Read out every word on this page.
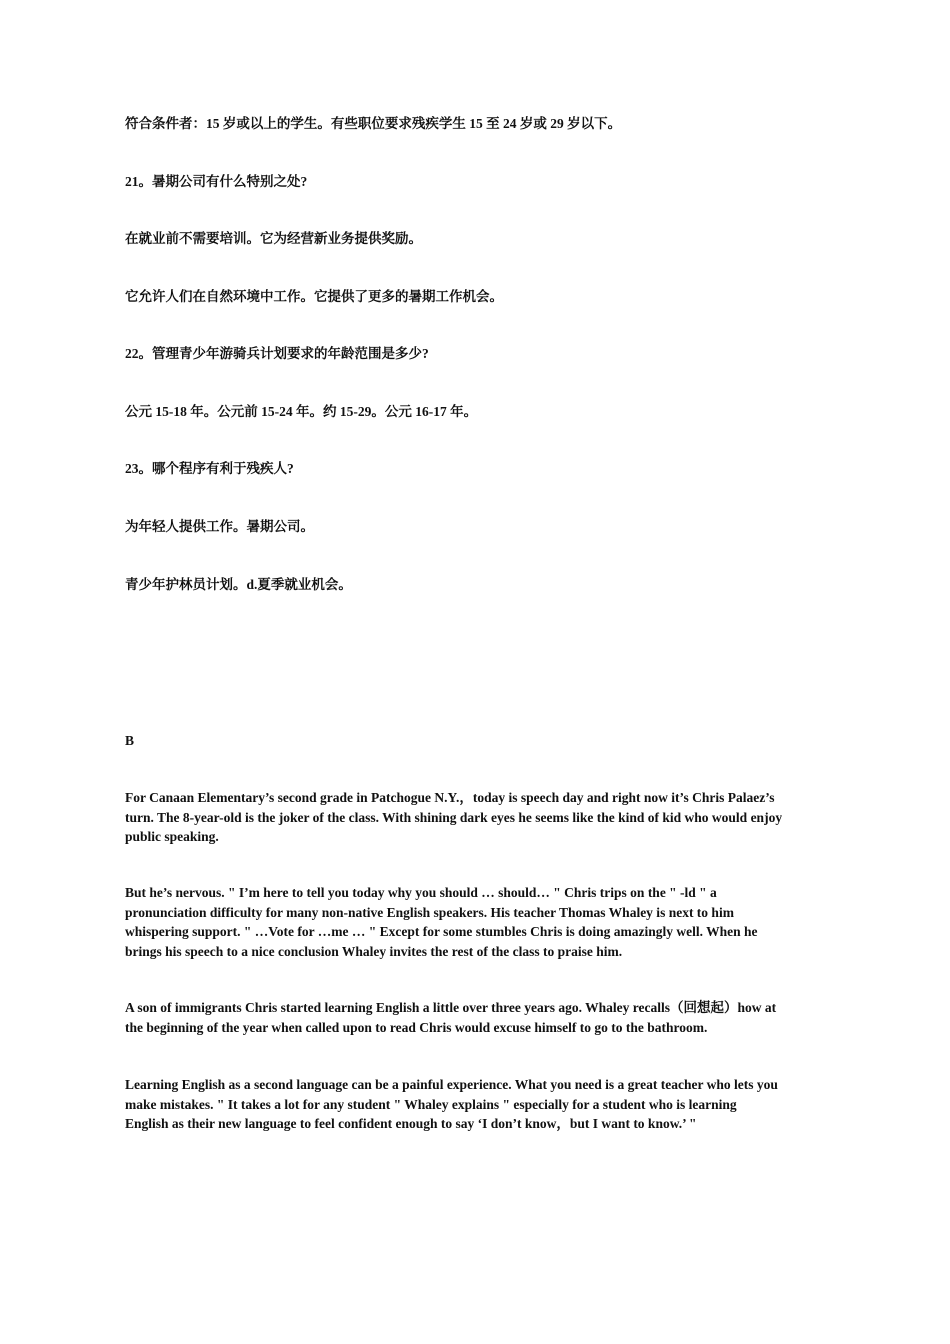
符合条件者：15 岁或以上的学生。有些职位要求残疾学生 15 至 24 岁或 29 岁以下。
21。暑期公司有什么特别之处?
在就业前不需要培训。它为经营新业务提供奖励。
它允许人们在自然环境中工作。它提供了更多的暑期工作机会。
22。管理青少年游骑兵计划要求的年龄范围是多少?
公元 15-18 年。公元前 15-24 年。约 15-29。公元 16-17 年。
23。哪个程序有利于残疾人?
为年轻人提供工作。暑期公司。
青少年护林员计划。d.夏季就业机会。
B
For Canaan Elementary’s second grade in Patchogue N.Y.，today is speech day and right now it’s Chris Palaez’s
turn. The 8-year-old is the joker of the class. With shining dark eyes he seems like the kind of kid who would enjoy
public speaking.
But he’s nervous. " I’m here to tell you today why you should … should… " Chris trips on the " -ld " a
pronunciation difficulty for many non-native English speakers. His teacher Thomas Whaley is next to him
whispering support. " …Vote for …me … " Except for some stumbles Chris is doing amazingly well. When he
brings his speech to a nice conclusion Whaley invites the rest of the class to praise him.
A son of immigrants Chris started learning English a little over three years ago. Whaley recalls（回想起）how at
the beginning of the year when called upon to read Chris would excuse himself to go to the bathroom.
Learning English as a second language can be a painful experience. What you need is a great teacher who lets you
make mistakes. " It takes a lot for any student " Whaley explains " especially for a student who is learning
English as their new language to feel confident enough to say ‘I don’t know，but I want to know.’ "
